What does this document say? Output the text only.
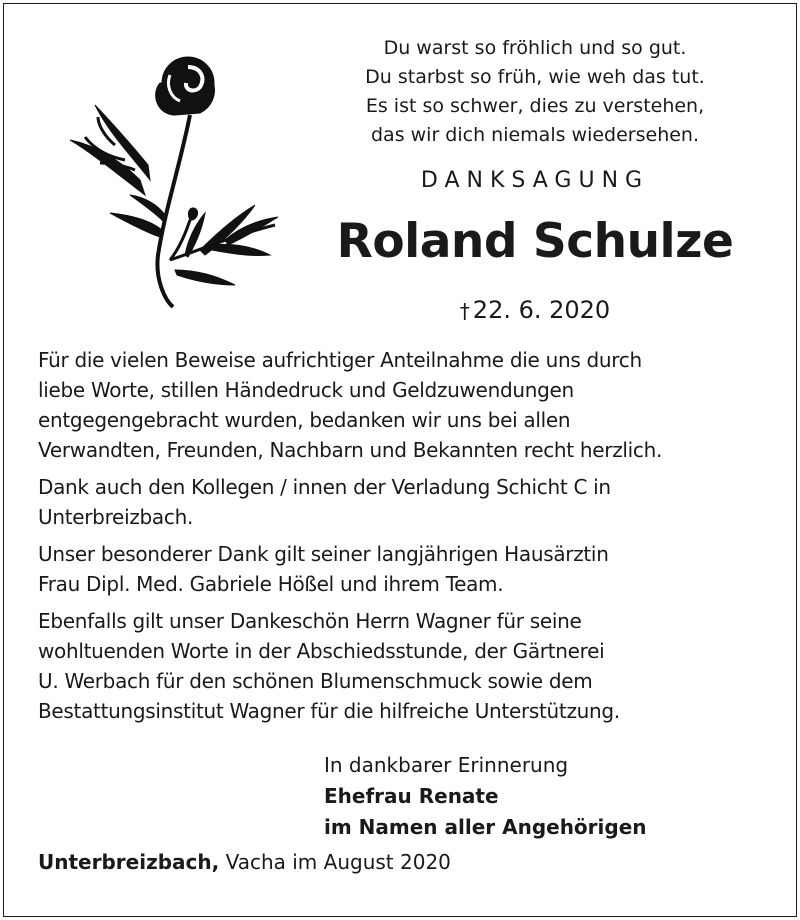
Du warst so fröhlich und so gut.
Du starbst so früh, wie weh das tut.
Es ist so schwer, dies zu verstehen,
das wir dich niemals wiedersehen.
DANKSAGUNG
Roland Schulze
† 22. 6. 2020

Für die vielen Beweise aufrichtiger Anteilnahme die uns durch
liebe Worte, stillen Händedruck und Geldzuwendungen
entgegengebracht wurden, bedanken wir uns bei allen
Verwandten, Freunden, Nachbarn und Bekannten recht herzlich.

Dank auch den Kollegen / innen der Verladung Schicht C in
Unterbreizbach.

Unser besonderer Dank gilt seiner langjährigen Hausärztin
Frau Dipl. Med. Gabriele Hößel und ihrem Team.

Ebenfalls gilt unser Dankeschön Herrn Wagner für seine
wohltuenden Worte in der Abschiedsstunde, der Gärtnerei
U. Werbach für den schönen Blumenschmuck sowie dem
Bestattungsinstitut Wagner für die hilfreiche Unterstützung.

In dankbarer Erinnerung
Ehefrau Renate
im Namen aller Angehörigen
Unterbreizbach, Vacha im August 2020
